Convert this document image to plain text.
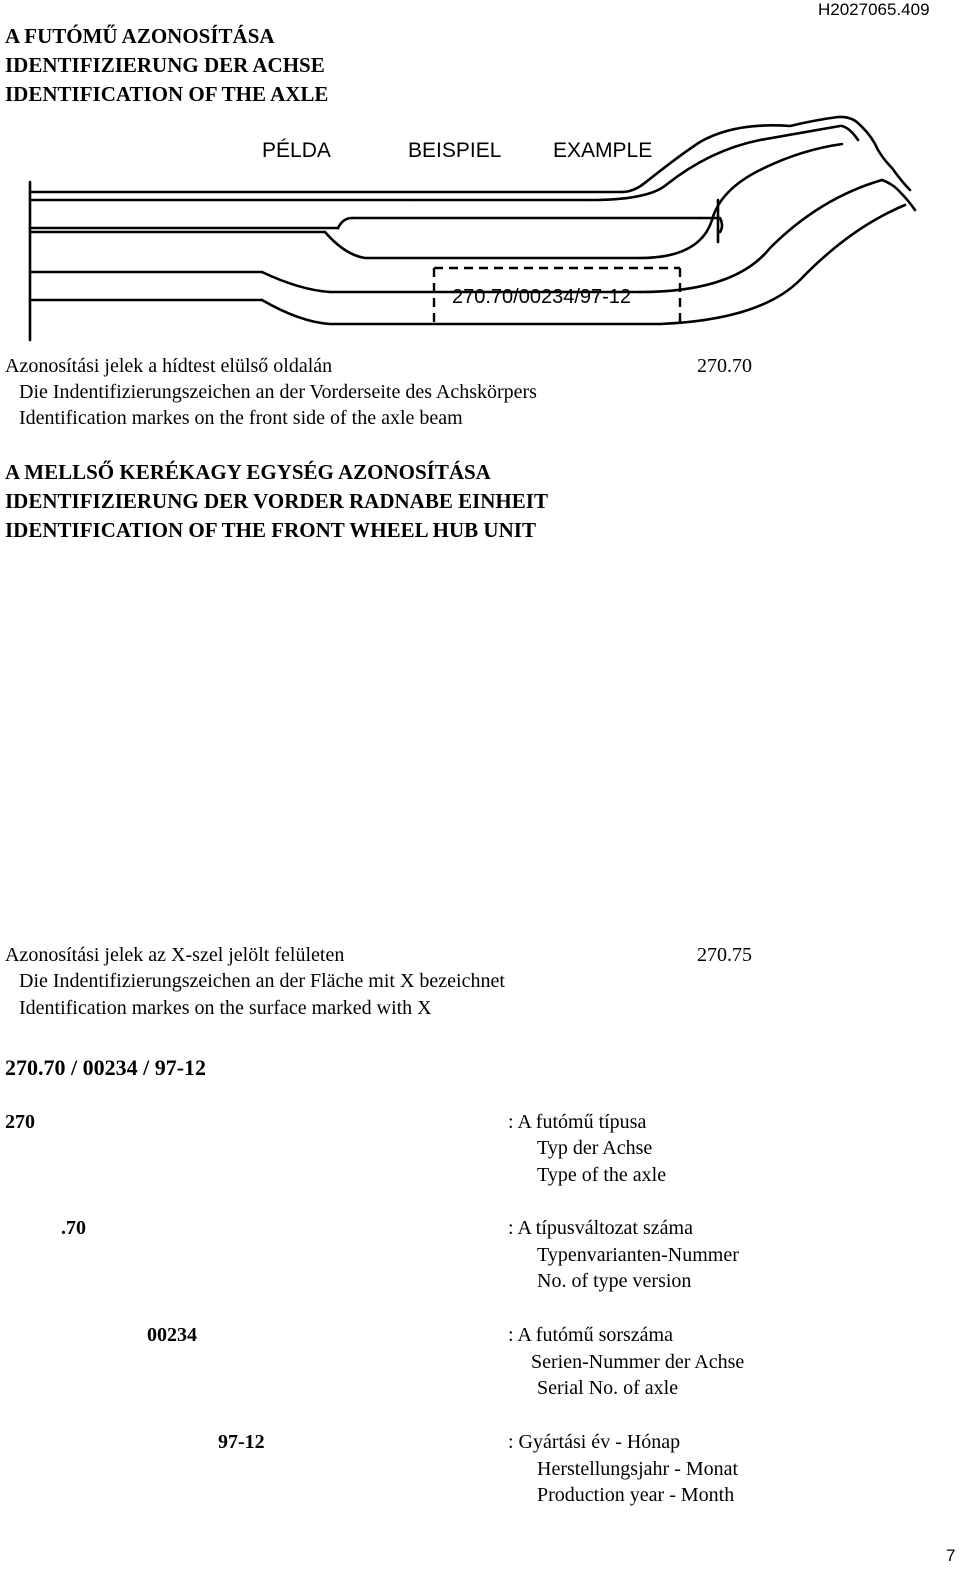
H2027065.409
A FUTÓMŰ AZONOSÍTÁSA
IDENTIFIZIERUNG DER ACHSE
IDENTIFICATION OF THE AXLE
PÉLDA	BEISPIEL EXAMPLE
270.70/00234/97-12
Azonosítási jelek a hídtest elülső oldalán	270.70
Die Indentifizierungszeichen an der Vorderseite des Achskörpers
Identification markes on the front side of the axle beam
A MELLSŐ KERÉKAGY EGYSÉG AZONOSÍTÁSA
IDENTIFIZIERUNG DER VORDER RADNABE EINHEIT
IDENTIFICATION OF THE FRONT WHEEL HUB UNIT
Azonosítási jelek az X-szel jelölt felületen	270.75
Die Indentifizierungszeichen an der Fläche mit X bezeichnet
Identification markes on the surface marked with X
270.70 / 00234 / 97-12
270	: A futómű típusa
Typ der Achse
Type of the axle
.70	: A típusváltozat száma
Typenvarianten-Nummer
No. of type version
00234	: A futómű sorszáma
Serien-Nummer der Achse
Serial No. of axle
97-12	: Gyártási év - Hónap
Herstellungsjahr - Monat
Production year - Month
7
